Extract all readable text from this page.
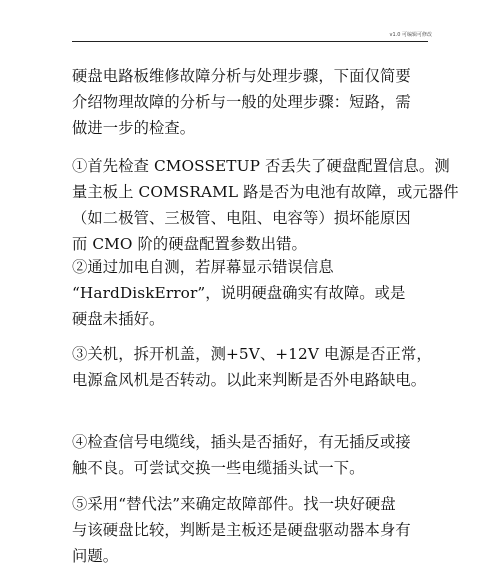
v1.0 可编辑可修改

硬盘电路板维修故障分析与处理步骤，下面仅简要
介绍物理故障的分析与一般的处理步骤：短路，需
做进一步的检查。
①首先检查 CMOSSETUP 否丢失了硬盘配置信息。测
量主板上 COMSRAML 路是否为电池有故障，或元器件
（如二极管、三极管、电阻、电容等）损坏能原因
而 CMO 阶的硬盘配置参数出错。
②通过加电自测，若屏幕显示错误信息
“HardDiskError”，说明硬盘确实有故障。或是
硬盘未插好。
③关机，拆开机盖，测+5V、+12V 电源是否正常，
电源盒风机是否转动。以此来判断是否外电路缺电。
④检查信号电缆线，插头是否插好，有无插反或接
触不良。可尝试交换一些电缆插头试一下。
⑤采用“替代法”来确定故障部件。找一块好硬盘
与该硬盘比较，判断是主板还是硬盘驱动器本身有
问题。
